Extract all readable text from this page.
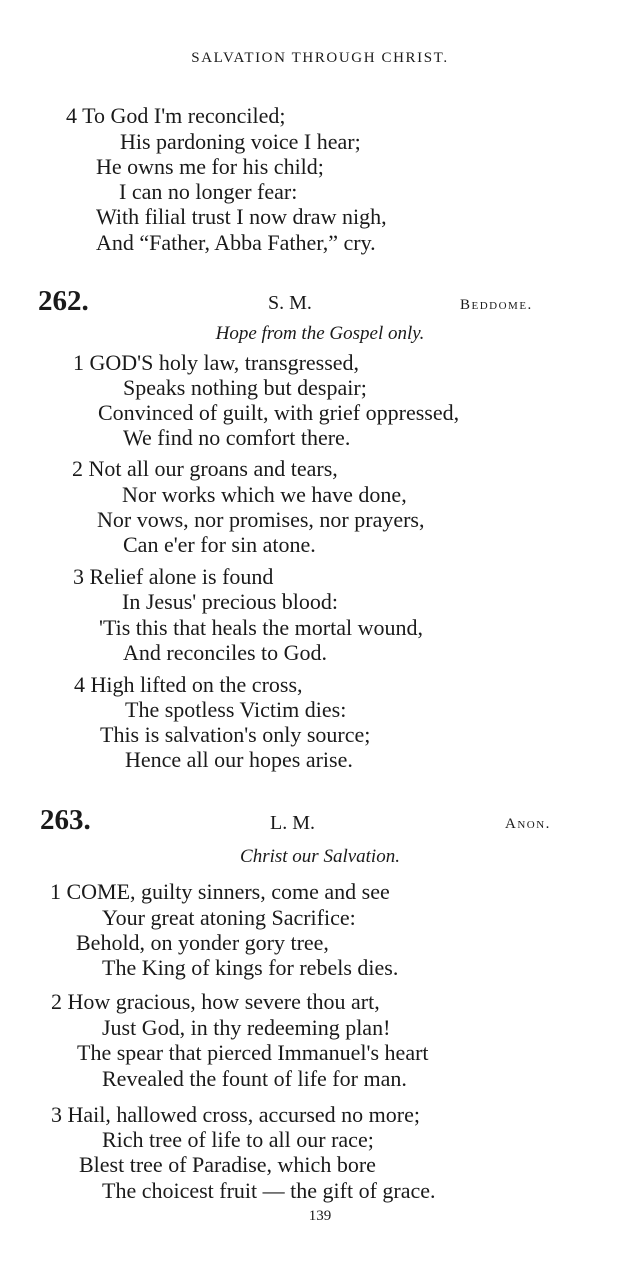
SALVATION THROUGH CHRIST.
4 To God I'm reconciled;
His pardoning voice I hear;
He owns me for his child;
I can no longer fear:
With filial trust I now draw nigh,
And “Father, Abba Father,” cry.
262.	S. M.	Beddome.
Hope from the Gospel only.
1 GOD'S holy law, transgressed,
Speaks nothing but despair;
Convinced of guilt, with grief oppressed,
We find no comfort there.
2 Not all our groans and tears,
Nor works which we have done,
Nor vows, nor promises, nor prayers,
Can e'er for sin atone.
3 Relief alone is found
In Jesus' precious blood:
'Tis this that heals the mortal wound,
And reconciles to God.
4 High lifted on the cross,
The spotless Victim dies:
This is salvation's only source;
Hence all our hopes arise.
263.	L. M.	Anon.
Christ our Salvation.
1 COME, guilty sinners, come and see
Your great atoning Sacrifice:
Behold, on yonder gory tree,
The King of kings for rebels dies.
2 How gracious, how severe thou art,
Just God, in thy redeeming plan!
The spear that pierced Immanuel's heart
Revealed the fount of life for man.
3 Hail, hallowed cross, accursed no more;
Rich tree of life to all our race;
Blest tree of Paradise, which bore
The choicest fruit — the gift of grace.
139
